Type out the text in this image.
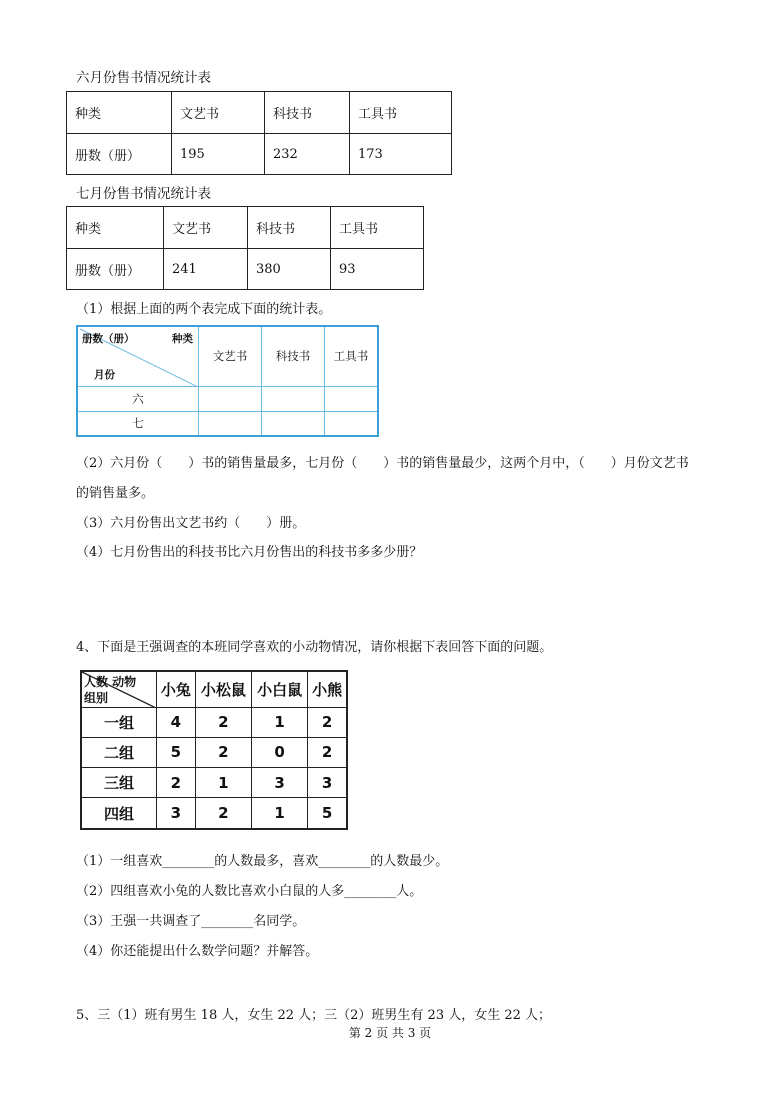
六月份售书情况统计表
种类	文艺书	科技书	工具书
册数（册）	195	232	173
七月份售书情况统计表
种类	文艺书	科技书	工具书
册数（册）	241	380	93
（1）根据上面的两个表完成下面的统计表。
册数（册） 种类
月份	文艺书	科技书	工具书
六			
七			
（2）六月份（　　）书的销售量最多，七月份（　　）书的销售量最少，这两个月中，（　　）月份文艺书
的销售量多。
（3）六月份售出文艺书约（　　）册。
（4）七月份售出的科技书比六月份售出的科技书多多少册？
4、下面是王强调查的本班同学喜欢的小动物情况，请你根据下表回答下面的问题。
人数 动物
组别	小兔	小松鼠	小白鼠	小熊
一组	4	2	1	2
二组	5	2	0	2
三组	2	1	3	3
四组	3	2	1	5
（1）一组喜欢________的人数最多，喜欢________的人数最少。
（2）四组喜欢小兔的人数比喜欢小白鼠的人多________人。
（3）王强一共调查了________名同学。
（4）你还能提出什么数学问题？并解答。
5、三（1）班有男生 18 人，女生 22 人；三（2）班男生有 23 人，女生 22 人；
第 2 页 共 3 页
